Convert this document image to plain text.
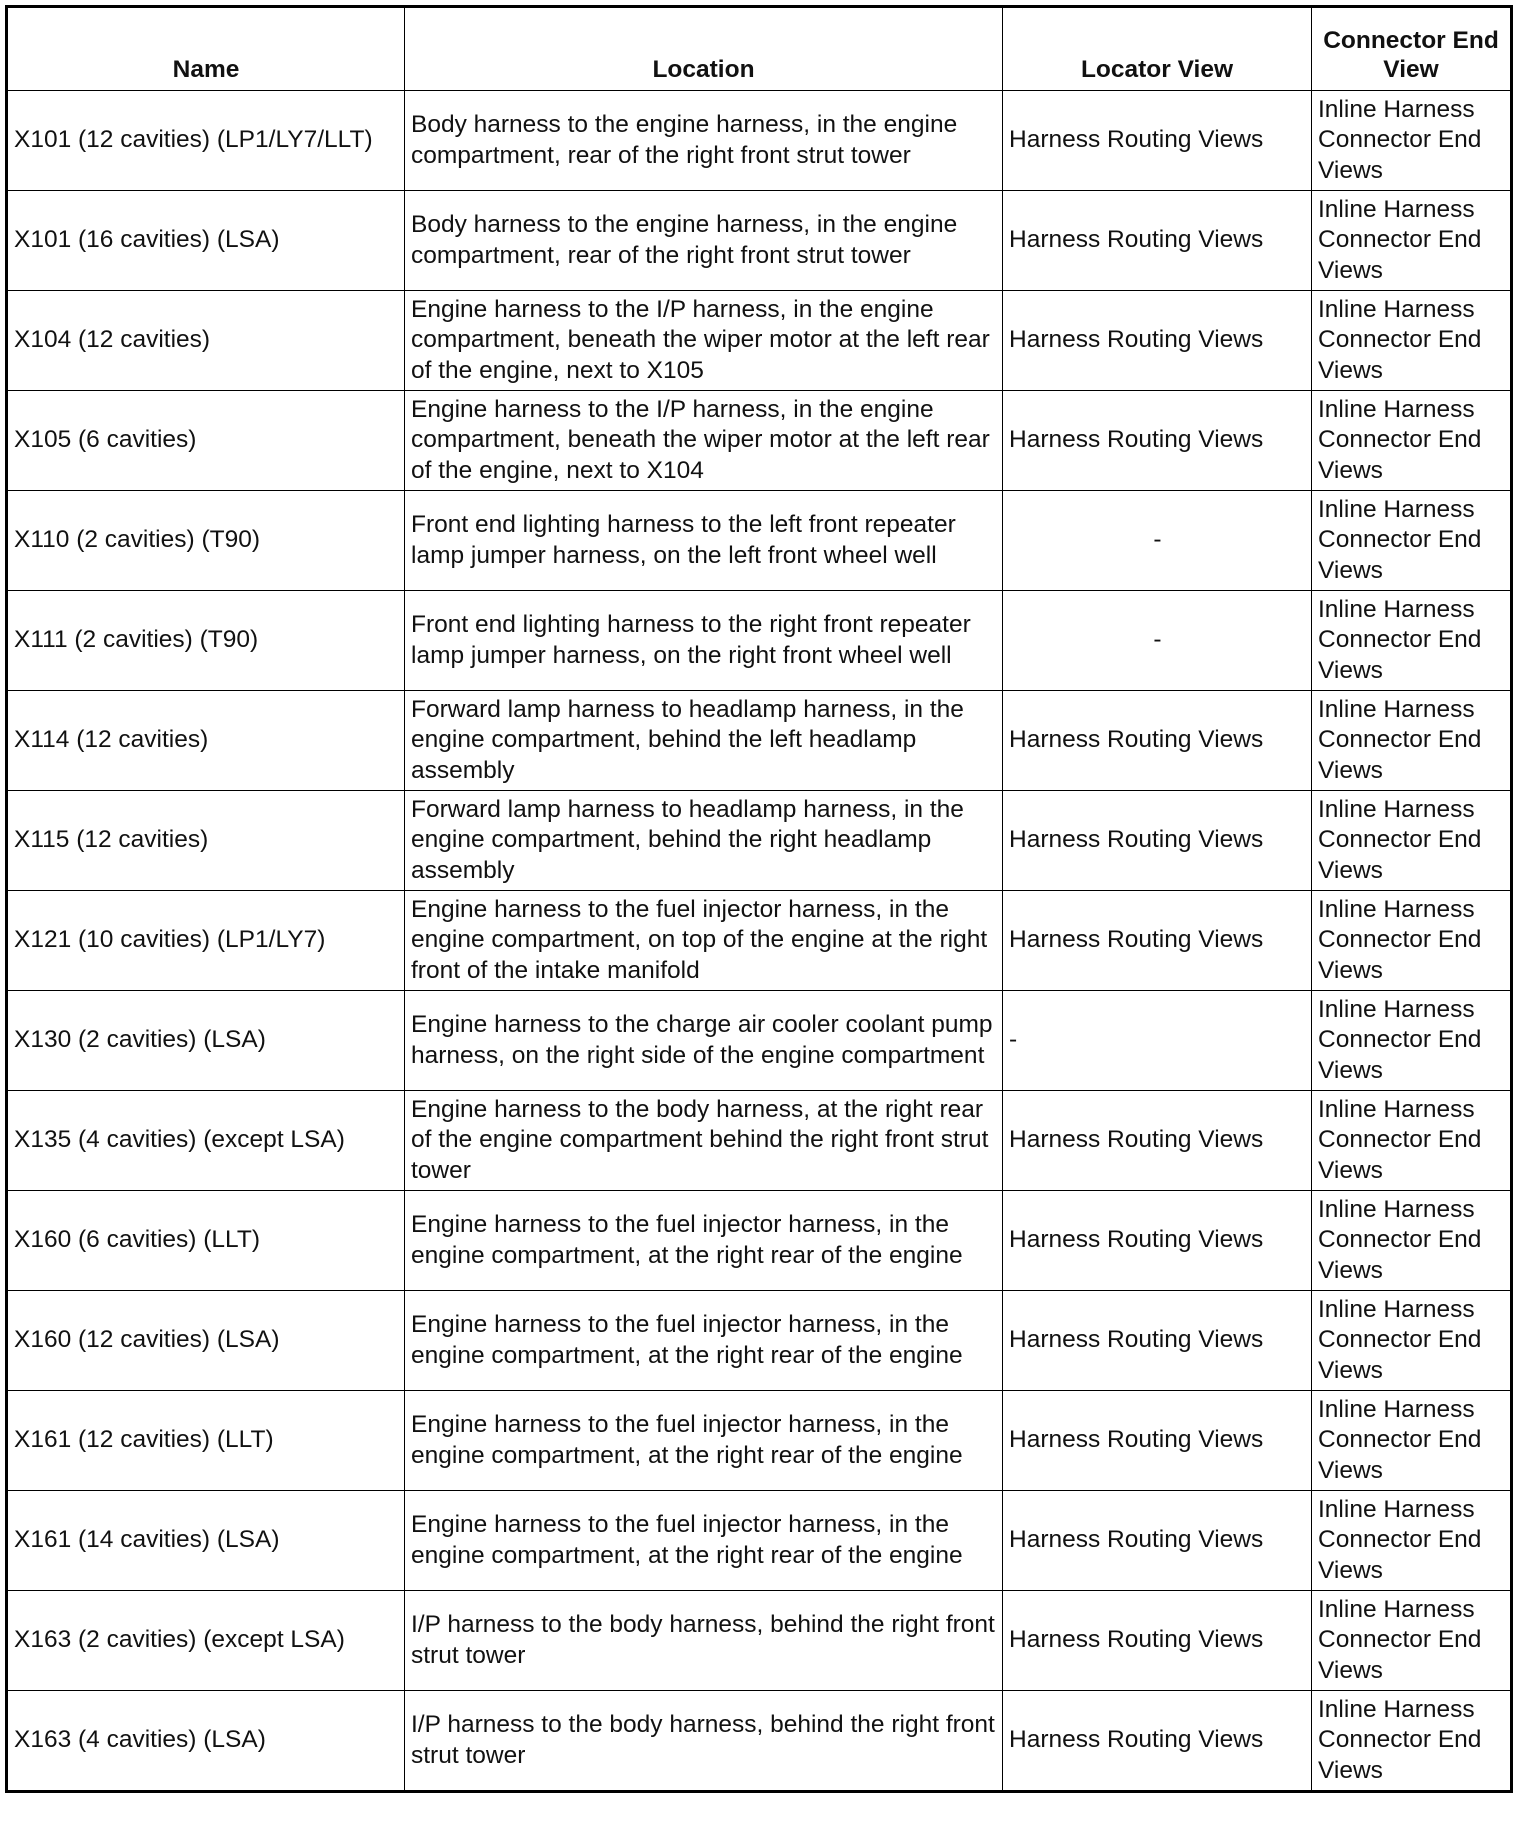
Name	Location	Locator View	Connector End View
X101 (12 cavities) (LP1/LY7/LLT)	Body harness to the engine harness, in the engine compartment, rear of the right front strut tower	Harness Routing Views	Inline Harness Connector End Views
X101 (16 cavities) (LSA)	Body harness to the engine harness, in the engine compartment, rear of the right front strut tower	Harness Routing Views	Inline Harness Connector End Views
X104 (12 cavities)	Engine harness to the I/P harness, in the engine compartment, beneath the wiper motor at the left rear of the engine, next to X105	Harness Routing Views	Inline Harness Connector End Views
X105 (6 cavities)	Engine harness to the I/P harness, in the engine compartment, beneath the wiper motor at the left rear of the engine, next to X104	Harness Routing Views	Inline Harness Connector End Views
X110 (2 cavities) (T90)	Front end lighting harness to the left front repeater lamp jumper harness, on the left front wheel well	-	Inline Harness Connector End Views
X111 (2 cavities) (T90)	Front end lighting harness to the right front repeater lamp jumper harness, on the right front wheel well	-	Inline Harness Connector End Views
X114 (12 cavities)	Forward lamp harness to headlamp harness, in the engine compartment, behind the left headlamp assembly	Harness Routing Views	Inline Harness Connector End Views
X115 (12 cavities)	Forward lamp harness to headlamp harness, in the engine compartment, behind the right headlamp assembly	Harness Routing Views	Inline Harness Connector End Views
X121 (10 cavities) (LP1/LY7)	Engine harness to the fuel injector harness, in the engine compartment, on top of the engine at the right front of the intake manifold	Harness Routing Views	Inline Harness Connector End Views
X130 (2 cavities) (LSA)	Engine harness to the charge air cooler coolant pump harness, on the right side of the engine compartment	-	Inline Harness Connector End Views
X135 (4 cavities) (except LSA)	Engine harness to the body harness, at the right rear of the engine compartment behind the right front strut tower	Harness Routing Views	Inline Harness Connector End Views
X160 (6 cavities) (LLT)	Engine harness to the fuel injector harness, in the engine compartment, at the right rear of the engine	Harness Routing Views	Inline Harness Connector End Views
X160 (12 cavities) (LSA)	Engine harness to the fuel injector harness, in the engine compartment, at the right rear of the engine	Harness Routing Views	Inline Harness Connector End Views
X161 (12 cavities) (LLT)	Engine harness to the fuel injector harness, in the engine compartment, at the right rear of the engine	Harness Routing Views	Inline Harness Connector End Views
X161 (14 cavities) (LSA)	Engine harness to the fuel injector harness, in the engine compartment, at the right rear of the engine	Harness Routing Views	Inline Harness Connector End Views
X163 (2 cavities) (except LSA)	I/P harness to the body harness, behind the right front strut tower	Harness Routing Views	Inline Harness Connector End Views
X163 (4 cavities) (LSA)	I/P harness to the body harness, behind the right front strut tower	Harness Routing Views	Inline Harness Connector End Views
